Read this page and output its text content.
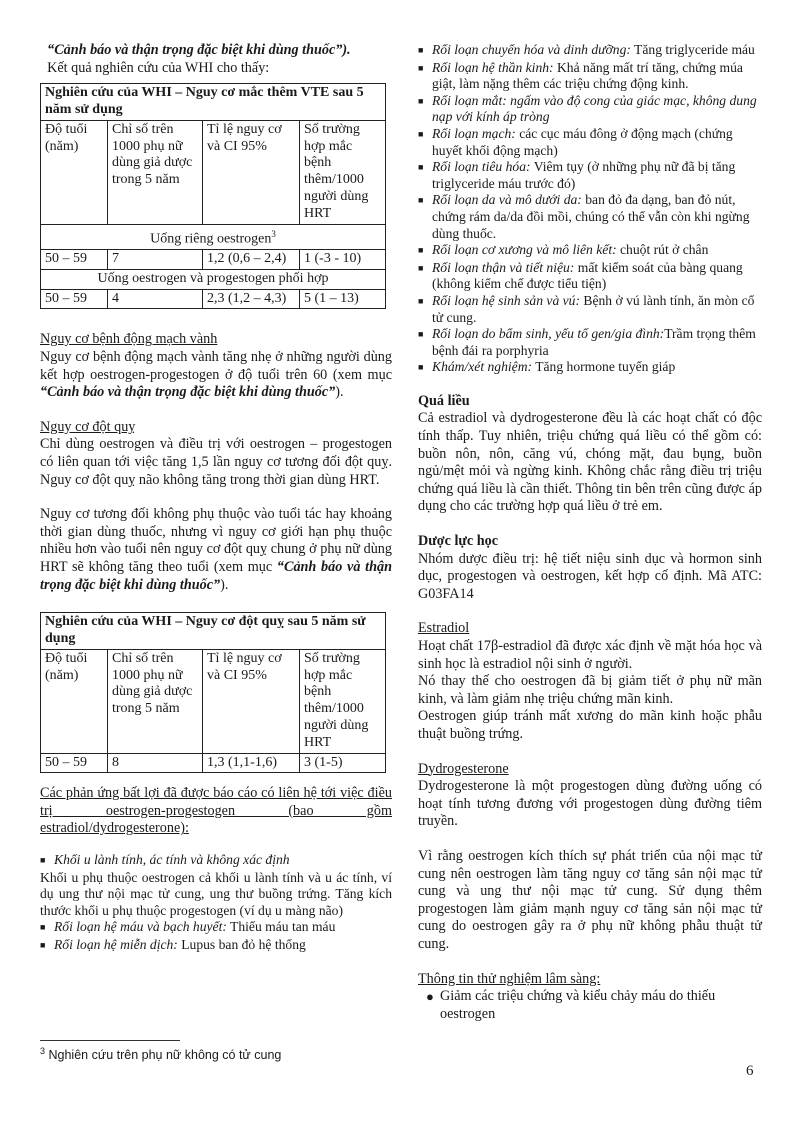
“Cảnh báo và thận trọng đặc biệt khi dùng thuốc”).

Kết quả nghiên cứu của WHI cho thấy:

Nghiên cứu của WHI – Nguy cơ mắc thêm VTE sau 5 năm sử dụng			
Độ tuổi (năm)	Chỉ số trên 1000 phụ nữ dùng giả dược trong 5 năm	Tỉ lệ nguy cơ và CI 95%	Số trường hợp mắc bệnh thêm/1000 người dùng HRT
Uống riêng oestrogen$^3$
50 – 59	7	1,2 (0,6 – 2,4)	1 (-3 - 10)
Uống oestrogen và progestogen phối hợp			
50 – 59	4	2,3 (1,2 – 4,3)	5 (1 – 13)

Nguy cơ bệnh động mạch vành

Nguy cơ bệnh động mạch vành tăng nhẹ ở những người dùng kết hợp oestrogen-progestogen ở độ tuổi trên 60 (xem mục “Cảnh báo và thận trọng đặc biệt khi dùng thuốc”).

Nguy cơ đột quỵ

Chỉ dùng oestrogen và điều trị với oestrogen – progestogen có liên quan tới việc tăng 1,5 lần nguy cơ tương đối đột quỵ. Nguy cơ đột quỵ não không tăng trong thời gian dùng HRT.

Nguy cơ tương đối không phụ thuộc vào tuổi tác hay khoảng thời gian dùng thuốc, nhưng vì nguy cơ giới hạn phụ thuộc nhiều hơn vào tuổi nên nguy cơ đột quỵ chung ở phụ nữ dùng HRT sẽ không tăng theo tuổi (xem mục “Cảnh báo và thận trọng đặc biệt khi dùng thuốc”).

Nghiên cứu của WHI – Nguy cơ đột quỵ sau 5 năm sử dụng			
Độ tuổi (năm)	Chỉ số trên 1000 phụ nữ dùng giả dược trong 5 năm	Tỉ lệ nguy cơ và CI 95%	Số trường hợp mắc bệnh thêm/1000 người dùng HRT
50 – 59	8	1,3 (1,1-1,6)	3 (1-5)

Các phản ứng bất lợi đã được báo cáo có liên hệ tới việc điều trị oestrogen-progestogen (bao gồm estradiol/dydrogesterone):

■ Khối u lành tính, ác tính và không xác định

Khối u phụ thuộc oestrogen cả khối u lành tính và u ác tính, ví dụ ung thư nội mạc tử cung, ung thư buồng trứng. Tăng kích thước khối u phụ thuộc progestogen (ví dụ u màng não)

■ Rối loạn hệ máu và bạch huyết: Thiếu máu tan máu
■ Rối loạn hệ miễn dịch: Lupus ban đỏ hệ thống
■ Rối loạn chuyển hóa và dinh dưỡng: Tăng triglyceride máu
■ Rối loạn hệ thần kinh: Khả năng mất trí tăng, chứng múa giật, làm nặng thêm các triệu chứng động kinh.
■ Rối loạn mắt: ngấm vào độ cong của giác mạc, không dung nạp với kính áp tròng
■ Rối loạn mạch: các cục máu đông ở động mạch (chứng huyết khối động mạch)
■ Rối loạn tiêu hóa: Viêm tụy (ở những phụ nữ đã bị tăng triglyceride máu trước đó)
■ Rối loạn da và mô dưới da: ban đỏ đa dạng, ban đỏ nút, chứng rám da/da đồi mồi, chúng có thể vẫn còn khi ngừng dùng thuốc.
■ Rối loạn cơ xương và mô liên kết: chuột rút ở chân
■ Rối loạn thận và tiết niệu: mất kiểm soát của bàng quang (không kiểm chế được tiểu tiện)
■ Rối loạn hệ sinh sản và vú: Bệnh ở vú lành tính, ăn mòn cổ tử cung.
■ Rối loạn do bẩm sinh, yếu tố gen/gia đình:Trầm trọng thêm bệnh đái ra porphyria
■ Khám/xét nghiệm: Tăng hormone tuyến giáp

Quá liều

Cả estradiol và dydrogesterone đều là các hoạt chất có độc tính thấp. Tuy nhiên, triệu chứng quá liều có thể gồm có: buồn nôn, nôn, căng vú, chóng mặt, đau bụng, buồn ngủ/mệt mỏi và ngừng kinh. Không chắc rằng điều trị triệu chứng quá liều là cần thiết. Thông tin bên trên cũng được áp dụng cho các trường hợp quá liều ở trẻ em.

Dược lực học

Nhóm dược điều trị: hệ tiết niệu sinh dục và hormon sinh dục, progestogen và oestrogen, kết hợp cố định. Mã ATC: G03FA14

Estradiol

Hoạt chất 17β-estradiol đã được xác định về mặt hóa học và sinh học là estradiol nội sinh ở người.

Nó thay thế cho oestrogen đã bị giảm tiết ở phụ nữ mãn kinh, và làm giảm nhẹ triệu chứng mãn kinh.

Oestrogen giúp tránh mất xương do mãn kinh hoặc phẫu thuật buồng trứng.

Dydrogesterone

Dydrogesterone là một progestogen dùng đường uống có hoạt tính tương đương với progestogen dùng đường tiêm truyền.

Vì rằng oestrogen kích thích sự phát triển của nội mạc tử cung nên oestrogen làm tăng nguy cơ tăng sản nội mạc tử cung và ung thư nội mạc tử cung. Sử dụng thêm progestogen làm giảm mạnh nguy cơ tăng sản nội mạc tử cung do oestrogen gây ra ở phụ nữ không phẫu thuật tử cung.

Thông tin thử nghiệm lâm sàng:

● Giảm các triệu chứng và kiểu chảy máu do thiếu oestrogen
$^3$ Nghiên cứu trên phụ nữ không có tử cung
6
